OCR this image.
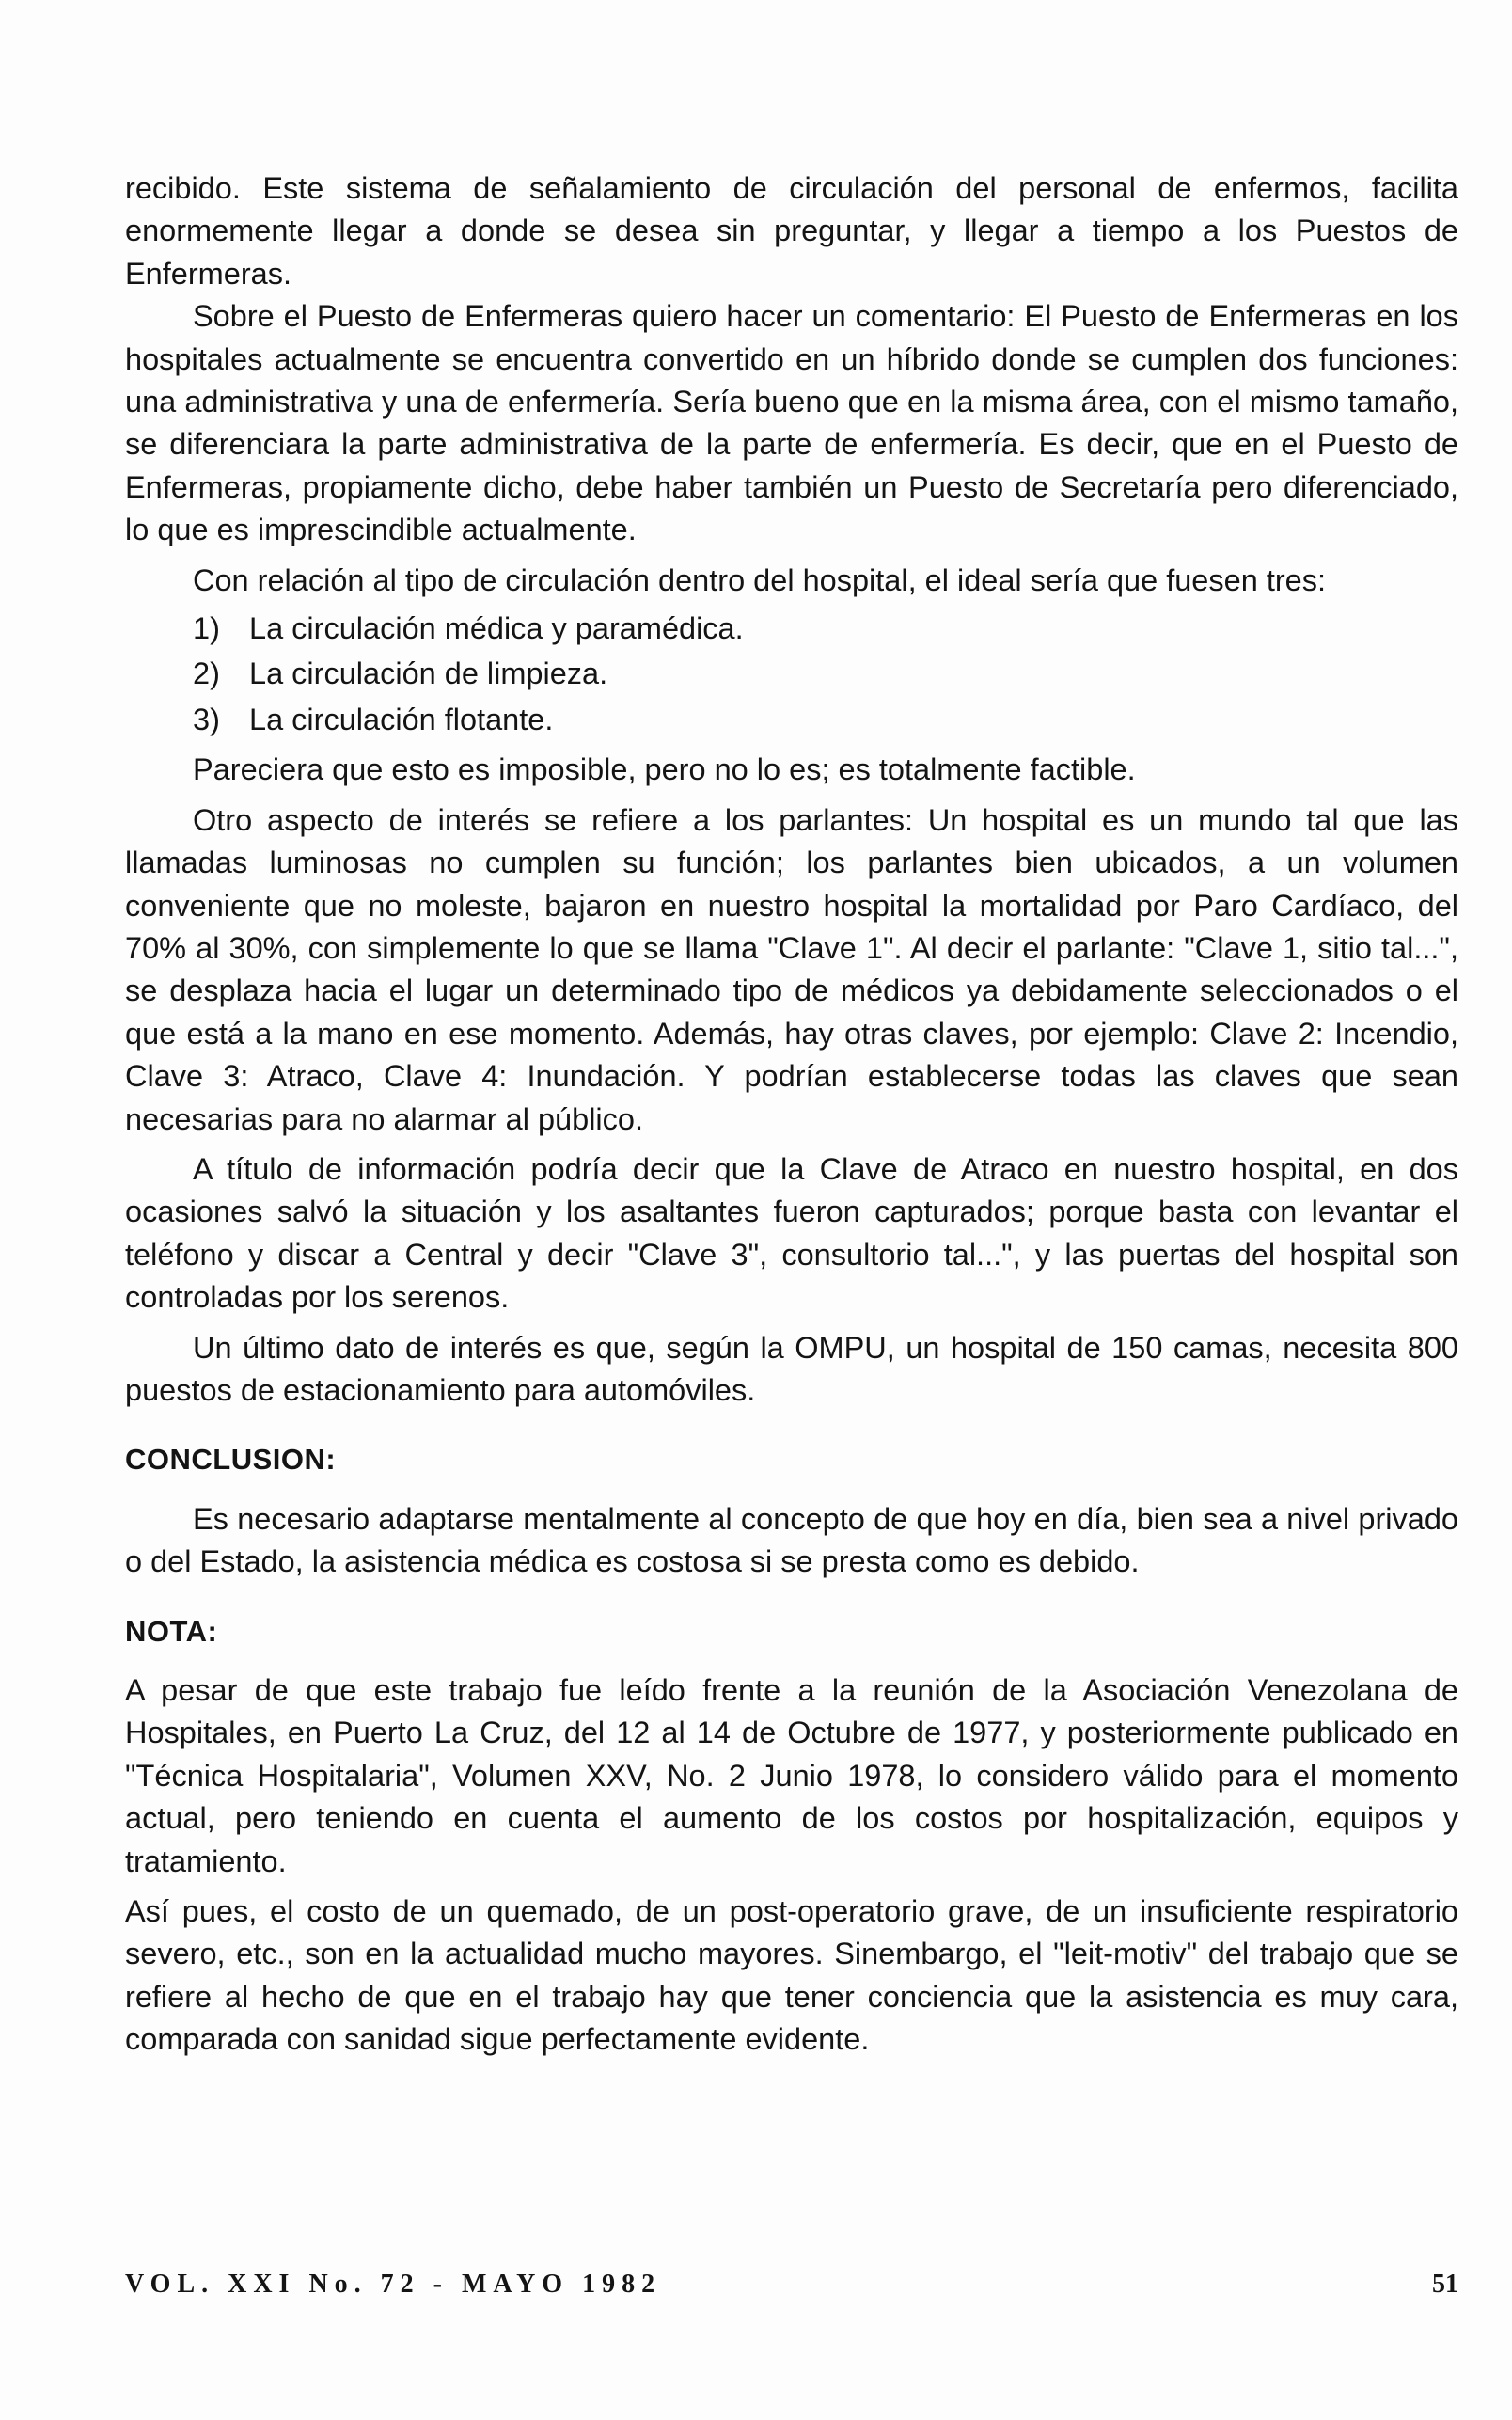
recibido. Este sistema de señalamiento de circulación del personal de enfermos, facilita enormemente llegar a donde se desea sin preguntar, y llegar a tiempo a los Puestos de Enfermeras.

Sobre el Puesto de Enfermeras quiero hacer un comentario: El Puesto de Enfermeras en los hospitales actualmente se encuentra convertido en un híbrido donde se cumplen dos funciones: una administrativa y una de enfermería. Sería bueno que en la misma área, con el mismo tamaño, se diferenciara la parte administrativa de la parte de enfermería. Es decir, que en el Puesto de Enfermeras, propiamente dicho, debe haber también un Puesto de Secretaría pero diferenciado, lo que es imprescindible actualmente.

Con relación al tipo de circulación dentro del hospital, el ideal sería que fuesen tres:

1) La circulación médica y paramédica.
2) La circulación de limpieza.
3) La circulación flotante.

Pareciera que esto es imposible, pero no lo es; es totalmente factible.

Otro aspecto de interés se refiere a los parlantes: Un hospital es un mundo tal que las llamadas luminosas no cumplen su función; los parlantes bien ubicados, a un volumen conveniente que no moleste, bajaron en nuestro hospital la mortalidad por Paro Cardíaco, del 70% al 30%, con simplemente lo que se llama "Clave 1". Al decir el parlante: "Clave 1, sitio tal...", se desplaza hacia el lugar un determinado tipo de médicos ya debidamente seleccionados o el que está a la mano en ese momento. Además, hay otras claves, por ejemplo: Clave 2: Incendio, Clave 3: Atraco, Clave 4: Inundación. Y podrían establecerse todas las claves que sean necesarias para no alarmar al público.

A título de información podría decir que la Clave de Atraco en nuestro hospital, en dos ocasiones salvó la situación y los asaltantes fueron capturados; porque basta con levantar el teléfono y discar a Central y decir "Clave 3", consultorio tal...", y las puertas del hospital son controladas por los serenos.

Un último dato de interés es que, según la OMPU, un hospital de 150 camas, necesita 800 puestos de estacionamiento para automóviles.

CONCLUSION:

Es necesario adaptarse mentalmente al concepto de que hoy en día, bien sea a nivel privado o del Estado, la asistencia médica es costosa si se presta como es debido.

NOTA:

A pesar de que este trabajo fue leído frente a la reunión de la Asociación Venezolana de Hospitales, en Puerto La Cruz, del 12 al 14 de Octubre de 1977, y posteriormente publicado en "Técnica Hospitalaria", Volumen XXV, No. 2 Junio 1978, lo considero válido para el momento actual, pero teniendo en cuenta el aumento de los costos por hospitalización, equipos y tratamiento.

Así pues, el costo de un quemado, de un post-operatorio grave, de un insuficiente respiratorio severo, etc., son en la actualidad mucho mayores. Sinembargo, el "leit-motiv" del trabajo que se refiere al hecho de que en el trabajo hay que tener conciencia que la asistencia es muy cara, comparada con sanidad sigue perfectamente evidente.

VOL. XXI No. 72 - MAYO 1982	51
